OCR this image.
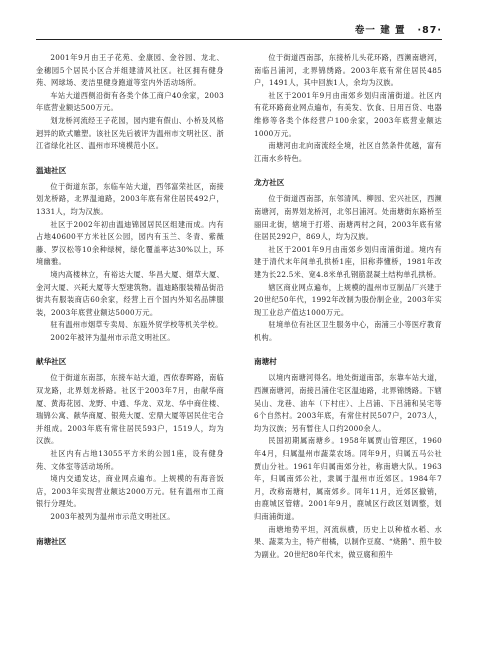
卷一 建 置 ·87·

2001年9月由王子花苑、金康园、金谷园、龙北、金穗园5个居民小区合并组建清风社区。社区拥有健身苑、网球场、麦洁里健身跑道等室内外活动场所。

车站大道西侧沿街有各类个体工商户40余家，2003年底营业额达500万元。

划龙桥河流经王子花园，园内建有假山、小桥及风格迥异的欧式雕塑。该社区先后被评为温州市文明社区、浙江省绿化社区、温州市环境模范小区。

温迪社区

位于街道东部，东临车站大道，西邻富荣社区，南接划龙桥路，北界温迪路，2003年底有常住居民492户，1331人，均为汉族。

社区于2002年初由温迪锦园居民区组建而成。内有占地40600平方米社区公园，园内有玉兰、冬青、紫薇藤、罗汉松等10余种绿树，绿化覆盖率达30%以上，环境幽雅。

境内高楼林立，有裕达大厦、华昌大厦、烟草大厦、金河大厦、兴耗大厦等大型建筑物。温迪路服装精品街沿街共有服装商店60余家，经营上百个国内外知名品牌服装，2003年底营业额达5000万元。

驻有温州市烟草专卖局、东瓯外贸学校等机关学校。

2002年被评为温州市示范文明社区。

献华社区

位于街道东南部，东接车站大道，西依春晖路，南临双龙路，北界划龙桥路。社区于2003年7月，由献华商厦、黄海花园、龙野、中通、华龙、双龙、华中商住楼、瑞锦公寓、献华商厦、银苑大厦、宏鼎大厦等居民住宅合并组成。2003年底有常住居民593户，1519人，均为汉族。

社区内有占地13055平方米的公园1座，设有健身苑、文体室等活动场所。

境内交通发达，商业网点遍布。上规模的有海音饭店，2003年实现营业额达2000万元。驻有温州市工商银行分理处。

2003年被列为温州市示范文明社区。

南塘社区

位于街道西南部，东接桥儿头花环路，西濒南塘河，南临吕浦河，北界锦绣路。2003年底有常住居民485户，1491人，其中回族1人，余均为汉族。

社区于2001年9月由南郊乡划归南浦街道。社区内有花环路商业网点遍布，有美发、饮食、日用百货、电器维修等各类个体经营户100余家，2003年底营业额达1000万元。

南塘河由北向南流经全境，社区自然条件优越，富有江南水乡特色。

龙方社区

位于街道西南部，东邻清风、柳园、宏兴社区，西濒南塘河，南界划龙桥河，北邻吕浦河。处南塘街东路桥至丽田北街，辖境于打塔、南塘两村之间，2003年底有常住居民292户，869人，均为汉族。

社区于2001年9月由南郊乡划归南浦街道。境内有建于清代末年间单孔拱桥1座，旧称莽懂桥，1981年改建为长22.5米、宽4.8米单孔钢筋混凝土结构单孔拱桥。

辖区商业网点遍布，上规模的温州市豆制品厂兴建于20世纪50年代，1992年改制为股份制企业，2003年实现工业总产值达1000万元。

驻境单位有社区卫生服务中心，南浦三小等医疗教育机构。

南塘村

以境内南塘河得名。地处街道南部，东靠车站大道，西濒南塘河，南接吕浦住宅区温迪路，北界锦绣路。下辖吴山、龙巷、油车（下村庄）、上吕浦、下吕浦和吴宅等6个自然村。2003年底，有常住村民507户，2073人，均为汉族；另有暂住人口约2000余人。

民国初期属南塘乡。1958年属贾山管理区，1960年4月，归属温州市蔬菜农场。同年9月，归属五马公社贾山分社。1961年归属南郊分社，称南塘大队。1963年，归属南郊公社，隶属于温州市近郊区。1984年7月，改称南塘村，属南郊乡。同年11月，近郊区撤销，由鹿城区管辖。2001年9月，鹿城区行政区划调整，划归南浦街道。

南塘地势平坦，河流纵横，历史上以种植水稻、水果、蔬菜为主，特产柑橘，以制作豆腐、“烧鹅”、煎牛胶为副业。20世纪80年代末，做豆腐和煎牛
